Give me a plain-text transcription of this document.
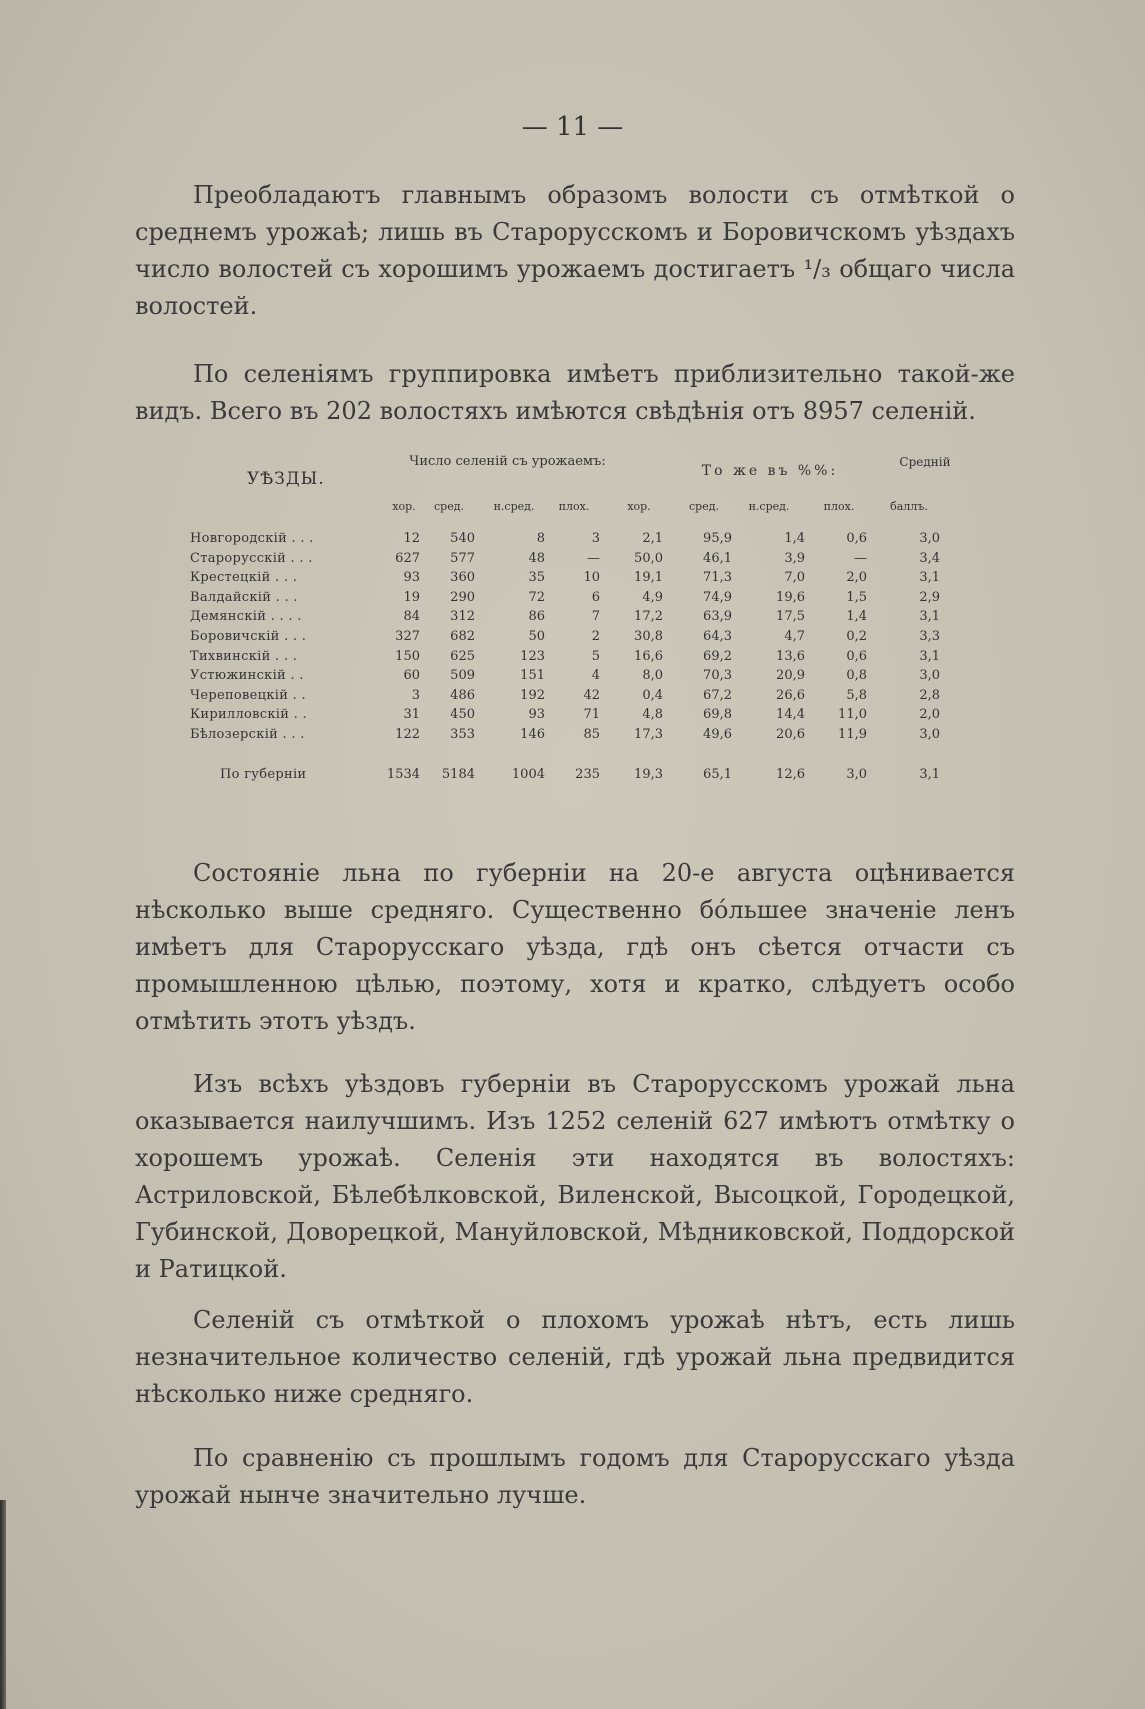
— 11 —

Преобладаютъ главнымъ образомъ волости съ отмѣткой о среднемъ урожаѣ; лишь въ Старорусскомъ и Боровичскомъ уѣздахъ число волостей съ хорошимъ урожаемъ достигаетъ ¹/₃ общаго числа волостей.

По селеніямъ группировка имѣетъ приблизительно такой-же видъ. Всего въ 202 волостяхъ имѣются свѣдѣнія отъ 8957 селеній.

УѢЗДЫ.
Число селеній съ урожаемъ:
То же въ %%:
Средній
хор.	сред.	н.сред.	плох.	хор.	сред.	н.сред.	плох.	баллъ.
Новгородскій . . .	12	540	8	3	2,1	95,9	1,4	0,6	3,0
Старорусскій . . .	627	577	48	—	50,0	46,1	3,9	—	3,4
Крестецкій . . .	93	360	35	10	19,1	71,3	7,0	2,0	3,1
Валдайскій . . .	19	290	72	6	4,9	74,9	19,6	1,5	2,9
Демянскій . . . .	84	312	86	7	17,2	63,9	17,5	1,4	3,1
Боровичскій . . .	327	682	50	2	30,8	64,3	4,7	0,2	3,3
Тихвинскій . . .	150	625	123	5	16,6	69,2	13,6	0,6	3,1
Устюжинскій . .	60	509	151	4	8,0	70,3	20,9	0,8	3,0
Череповецкій . .	3	486	192	42	0,4	67,2	26,6	5,8	2,8
Кирилловскій . .	31	450	93	71	4,8	69,8	14,4	11,0	2,0
Бѣлозерскій . . .	122	353	146	85	17,3	49,6	20,6	11,9	3,0
По губерніи	1534	5184	1004	235	19,3	65,1	12,6	3,0	3,1

Состояніе льна по губерніи на 20-е августа оцѣнивается нѣсколько выше средняго. Существенно бо́льшее значеніе ленъ имѣетъ для Старорусскаго уѣзда, гдѣ онъ сѣется отчасти съ промышленною цѣлью, поэтому, хотя и кратко, слѣдуетъ особо отмѣтить этотъ уѣздъ.

Изъ всѣхъ уѣздовъ губерніи въ Старорусскомъ урожай льна оказывается наилучшимъ. Изъ 1252 селеній 627 имѣютъ отмѣтку о хорошемъ урожаѣ. Селенія эти находятся въ волостяхъ: Астриловской, Бѣлебѣлковской, Виленской, Высоцкой, Городецкой, Губинской, Доворецкой, Мануйловской, Мѣдниковской, Поддорской и Ратицкой.

Селеній съ отмѣткой о плохомъ урожаѣ нѣтъ, есть лишь незначительное количество селеній, гдѣ урожай льна предвидится нѣсколько ниже средняго.

По сравненію съ прошлымъ годомъ для Старорусскаго уѣзда урожай нынче значительно лучше.
